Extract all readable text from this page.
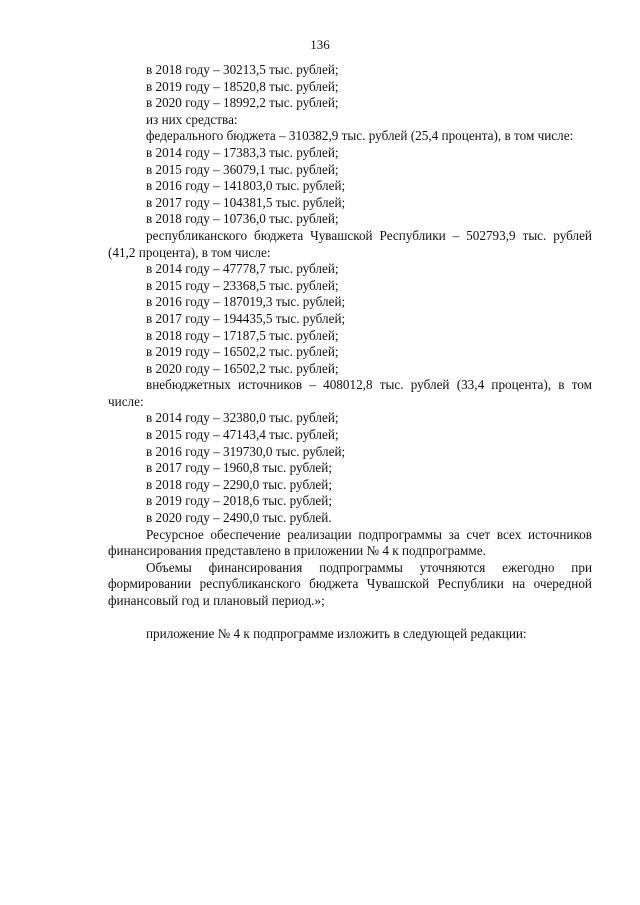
136

в 2018 году – 30213,5 тыс. рублей;

в 2019 году – 18520,8 тыс. рублей;

в 2020 году – 18992,2 тыс. рублей;

из них средства:

федерального бюджета – 310382,9 тыс. рублей (25,4 процента), в том числе:

в 2014 году – 17383,3 тыс. рублей;

в 2015 году – 36079,1 тыс. рублей;

в 2016 году – 141803,0 тыс. рублей;

в 2017 году – 104381,5 тыс. рублей;

в 2018 году – 10736,0 тыс. рублей;

республиканского бюджета Чувашской Республики – 502793,9 тыс. рублей (41,2 процента), в том числе:

в 2014 году – 47778,7 тыс. рублей;

в 2015 году – 23368,5 тыс. рублей;

в 2016 году – 187019,3 тыс. рублей;

в 2017 году – 194435,5 тыс. рублей;

в 2018 году – 17187,5 тыс. рублей;

в 2019 году – 16502,2 тыс. рублей;

в 2020 году – 16502,2 тыс. рублей;

внебюджетных источников – 408012,8 тыс. рублей (33,4 процента), в том числе:

в 2014 году – 32380,0 тыс. рублей;

в 2015 году – 47143,4 тыс. рублей;

в 2016 году – 319730,0 тыс. рублей;

в 2017 году – 1960,8 тыс. рублей;

в 2018 году – 2290,0 тыс. рублей;

в 2019 году – 2018,6 тыс. рублей;

в 2020 году – 2490,0 тыс. рублей.

Ресурсное обеспечение реализации подпрограммы за счет всех источников финансирования представлено в приложении № 4 к подпрограмме.

Объемы финансирования подпрограммы уточняются ежегодно при формировании республиканского бюджета Чувашской Республики на очередной финансовый год и плановый период.»;

приложение № 4 к подпрограмме изложить в следующей редакции:
